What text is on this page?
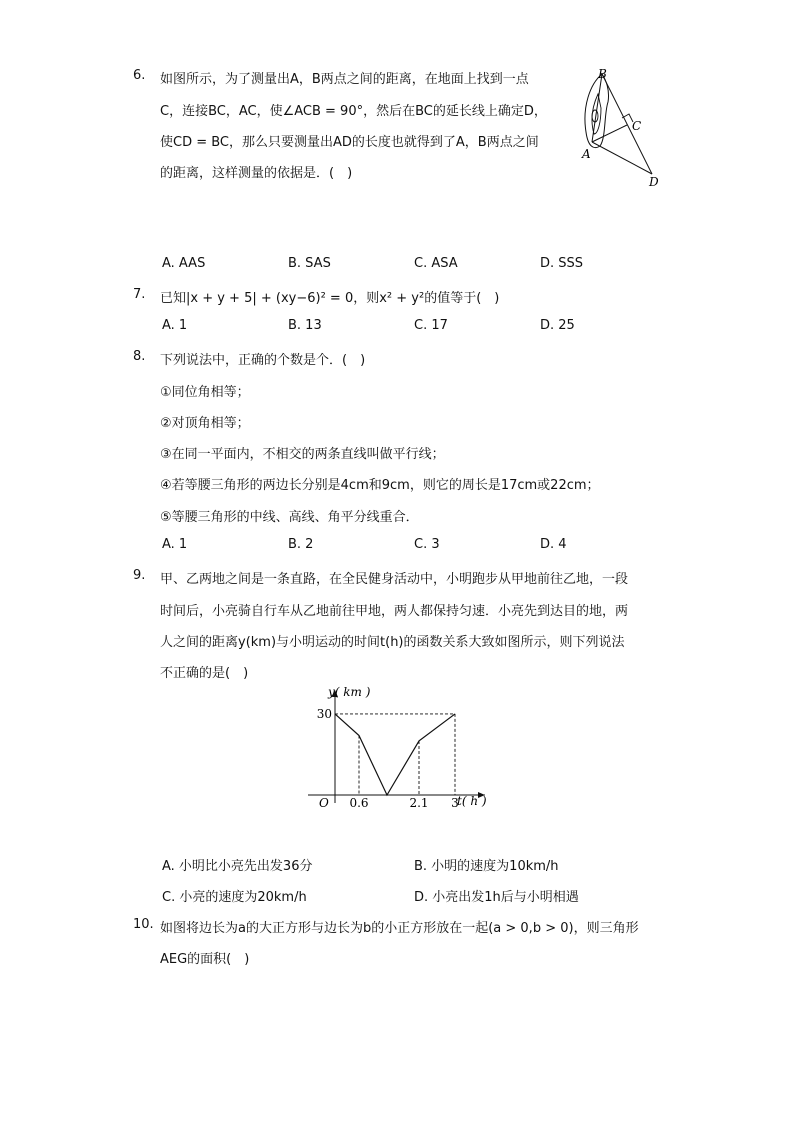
6. 如图所示，为了测量出A，B两点之间的距离，在地面上找到一点
C，连接BC，AC，使∠ACB = 90°，然后在BC的延长线上确定D，
使CD = BC，那么只要测量出AD的长度也就得到了A，B两点之间
的距离，这样测量的依据是．(　)
B
C
A
D
A. AAS	B. SAS	C. ASA	D. SSS
7. 已知|x + y + 5| + (xy−6)² = 0，则x² + y²的值等于(　)
A. 1	B. 13	C. 17	D. 25
8. 下列说法中，正确的个数是个．(　)
①同位角相等；
②对顶角相等；
③在同一平面内，不相交的两条直线叫做平行线；
④若等腰三角形的两边长分别是4cm和9cm，则它的周长是17cm或22cm；
⑤等腰三角形的中线、高线、角平分线重合．
A. 1	B. 2	C. 3	D. 4
9. 甲、乙两地之间是一条直路，在全民健身活动中，小明跑步从甲地前往乙地，一段
时间后，小亮骑自行车从乙地前往甲地，两人都保持匀速．小亮先到达目的地，两
人之间的距离y(km)与小明运动的时间t(h)的函数关系大致如图所示，则下列说法
不正确的是(　)
y( km )
t( h )
O 0.6	2.1 3
30
A. 小明比小亮先出发36分	B. 小明的速度为10km/h
C. 小亮的速度为20km/h	D. 小亮出发1h后与小明相遇
10. 如图将边长为a的大正方形与边长为b的小正方形放在一起(a > 0,b > 0)，则三角形
AEG的面积(　)
